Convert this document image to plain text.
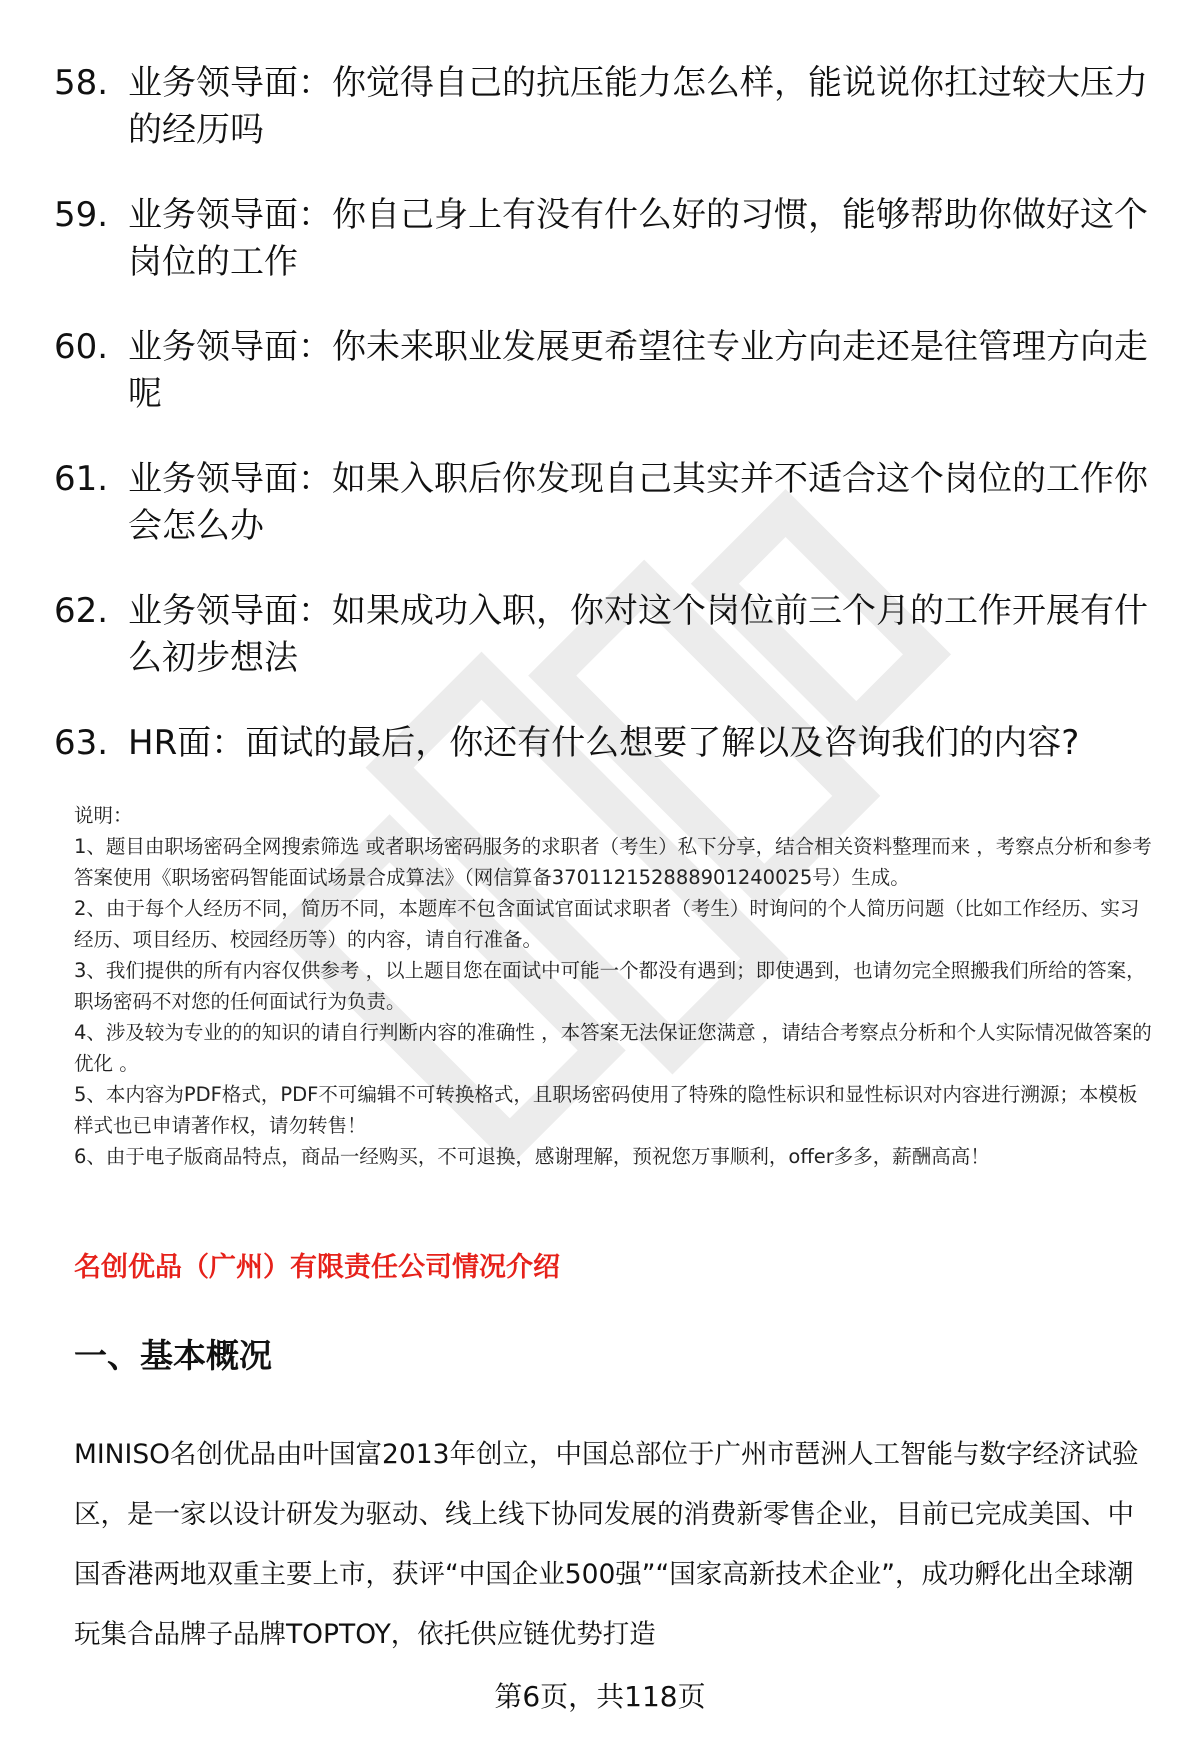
58. 业务领导面：你觉得自己的抗压能力怎么样，能说说你扛过较大压力的经历吗
59. 业务领导面：你自己身上有没有什么好的习惯，能够帮助你做好这个岗位的工作
60. 业务领导面：你未来职业发展更希望往专业方向走还是往管理方向走呢
61. 业务领导面：如果入职后你发现自己其实并不适合这个岗位的工作你会怎么办
62. 业务领导面：如果成功入职，你对这个岗位前三个月的工作开展有什么初步想法
63. HR面：面试的最后，你还有什么想要了解以及咨询我们的内容?

说明：

1、题目由职场密码全网搜索筛选 或者职场密码服务的求职者（考生）私下分享，结合相关资料整理而来 ，考察点分析和参考答案使用《职场密码智能面试场景合成算法》（网信算备370112152888901240025号）生成。

2、由于每个人经历不同，简历不同，本题库不包含面试官面试求职者（考生）时询问的个人简历问题（比如工作经历、实习经历、项目经历、校园经历等）的内容，请自行准备。

3、我们提供的所有内容仅供参考 ，以上题目您在面试中可能一个都没有遇到；即使遇到，也请勿完全照搬我们所给的答案，职场密码不对您的任何面试行为负责。

4、涉及较为专业的的知识的请自行判断内容的准确性 ，本答案无法保证您满意 ，请结合考察点分析和个人实际情况做答案的优化 。

5、本内容为PDF格式，PDF不可编辑不可转换格式，且职场密码使用了特殊的隐性标识和显性标识对内容进行溯源；本模板样式也已申请著作权，请勿转售！

6、由于电子版商品特点，商品一经购买，不可退换，感谢理解，预祝您万事顺利，offer多多，薪酬高高！

名创优品（广州）有限责任公司情况介绍
一、基本概况
MINISO名创优品由叶国富2013年创立，中国总部位于广州市琶洲人工智能与数字经济试验区，是一家以设计研发为驱动、线上线下协同发展的消费新零售企业，目前已完成美国、中国香港两地双重主要上市，获评“中国企业500强”“国家高新技术企业”，成功孵化出全球潮玩集合品牌子品牌TOPTOY，依托供应链优势打造
第6页，共118页
